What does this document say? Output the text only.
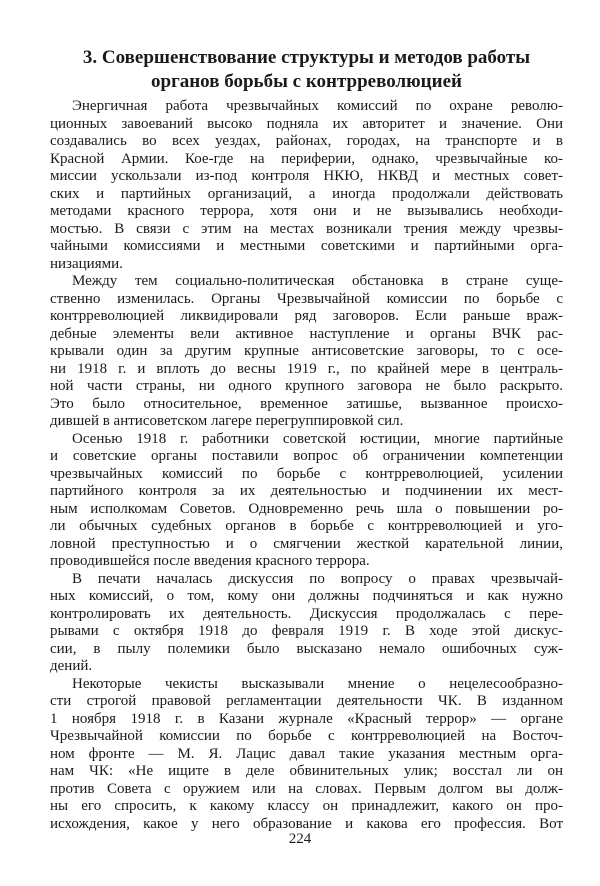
3. Совершенствование структуры и методов работы
органов борьбы с контрреволюцией
Энергичная работа чрезвычайных комиссий по охране револю-
ционных завоеваний высоко подняла их авторитет и значение. Они
создавались во всех уездах, районах, городах, на транспорте и в
Красной Армии. Кое-где на периферии, однако, чрезвычайные ко-
миссии ускользали из-под контроля НКЮ, НКВД и местных совет-
ских и партийных организаций, а иногда продолжали действовать
методами красного террора, хотя они и не вызывались необходи-
мостью. В связи с этим на местах возникали трения между чрезвы-
чайными комиссиями и местными советскими и партийными орга-
низациями.
Между тем социально-политическая обстановка в стране суще-
ственно изменилась. Органы Чрезвычайной комиссии по борьбе с
контрреволюцией ликвидировали ряд заговоров. Если раньше враж-
дебные элементы вели активное наступление и органы ВЧК рас-
крывали один за другим крупные антисоветские заговоры, то с осе-
ни 1918 г. и вплоть до весны 1919 г., по крайней мере в централь-
ной части страны, ни одного крупного заговора не было раскрыто.
Это было относительное, временное затишье, вызванное происхо-
дившей в антисоветском лагере перегруппировкой сил.
Осенью 1918 г. работники советской юстиции, многие партийные
и советские органы поставили вопрос об ограничении компетенции
чрезвычайных комиссий по борьбе с контрреволюцией, усилении
партийного контроля за их деятельностью и подчинении их мест-
ным исполкомам Советов. Одновременно речь шла о повышении ро-
ли обычных судебных органов в борьбе с контрреволюцией и уго-
ловной преступностью и о смягчении жесткой карательной линии,
проводившейся после введения красного террора.
В печати началась дискуссия по вопросу о правах чрезвычай-
ных комиссий, о том, кому они должны подчиняться и как нужно
контролировать их деятельность. Дискуссия продолжалась с пере-
рывами с октября 1918 до февраля 1919 г. В ходе этой дискус-
сии, в пылу полемики было высказано немало ошибочных суж-
дений.
Некоторые чекисты высказывали мнение о нецелесообразно-
сти строгой правовой регламентации деятельности ЧК. В изданном
1 ноября 1918 г. в Казани журнале «Красный террор» — органе
Чрезвычайной комиссии по борьбе с контрреволюцией на Восточ-
ном фронте — М. Я. Лацис давал такие указания местным орга-
нам ЧК: «Не ищите в деле обвинительных улик; восстал ли он
против Совета с оружием или на словах. Первым долгом вы долж-
ны его спросить, к какому классу он принадлежит, какого он про-
исхождения, какое у него образование и какова его профессия. Вот
224
